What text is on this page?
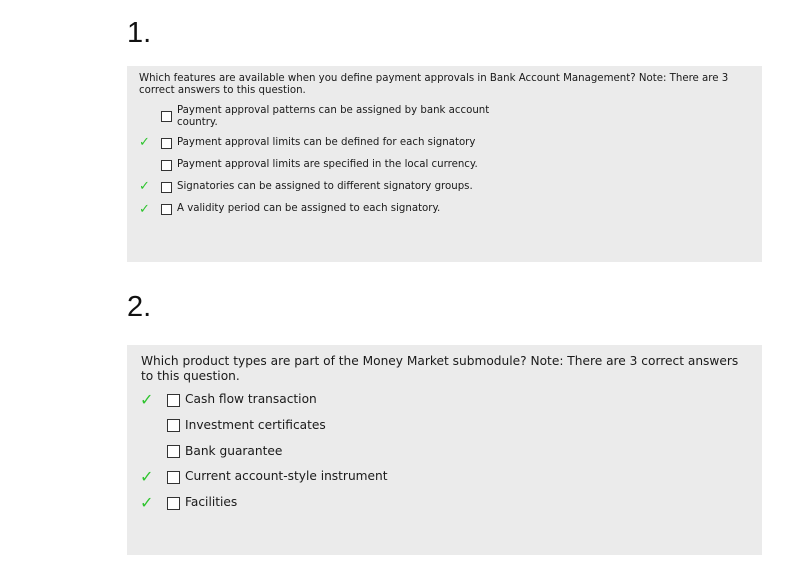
1.
Which features are available when you define payment approvals in Bank Account Management? Note: There are 3 correct answers to this question.
Payment approval patterns can be assigned by bank account country.
✓	Payment approval limits can be defined for each signatory
Payment approval limits are specified in the local currency.
✓	Signatories can be assigned to different signatory groups.
✓	A validity period can be assigned to each signatory.
2.
Which product types are part of the Money Market submodule? Note: There are 3 correct answers to this question.
✓	Cash flow transaction
Investment certificates
Bank guarantee
✓	Current account-style instrument
✓	Facilities
